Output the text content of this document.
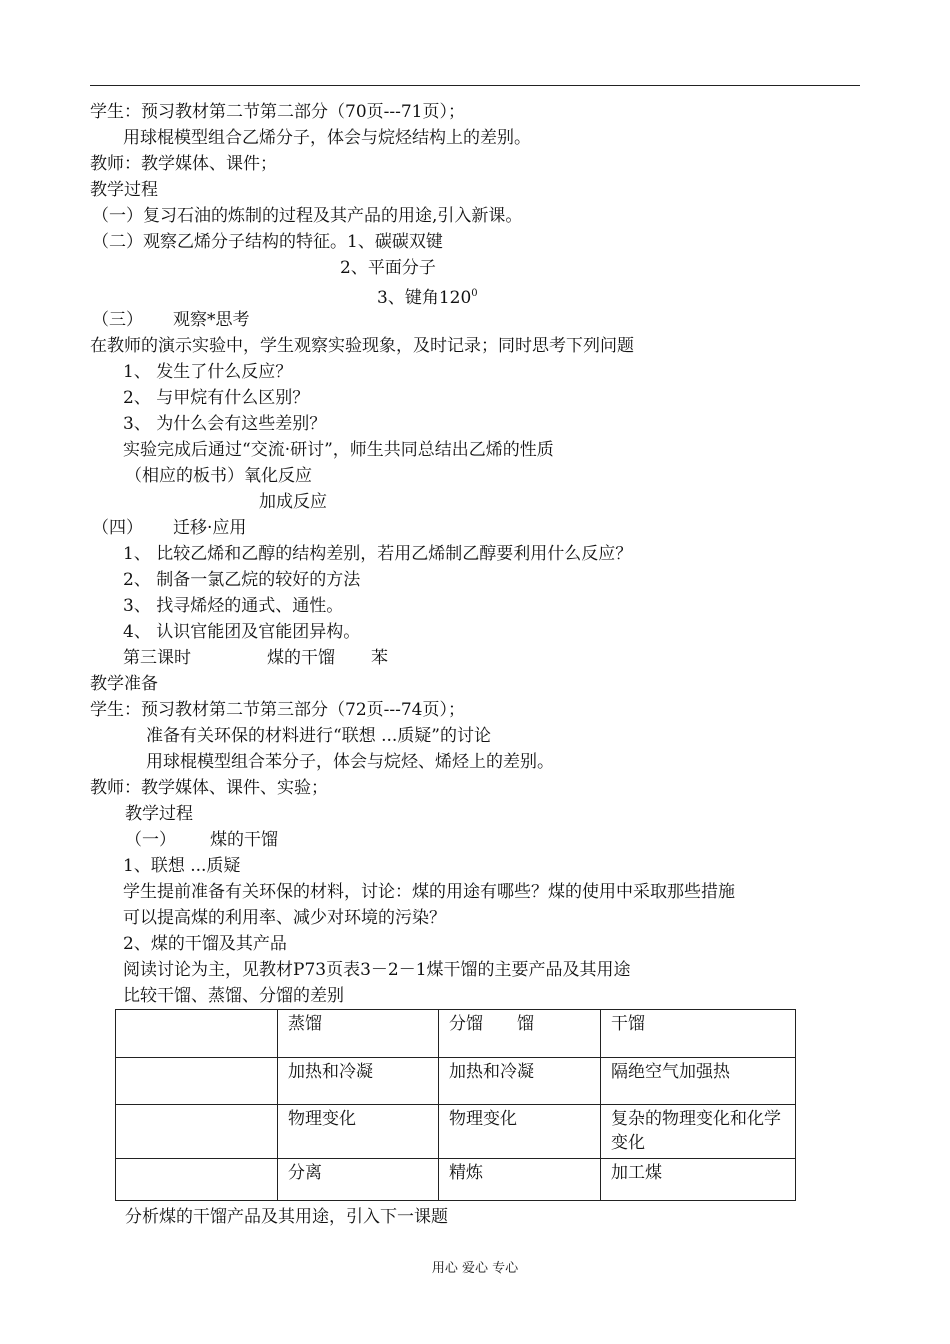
学生：预习教材第二节第二部分（70页---71页）；
用球棍模型组合乙烯分子，体会与烷烃结构上的差别。
教师：教学媒体、课件；
教学过程
（一）复习石油的炼制的过程及其产品的用途,引入新课。
（二）观察乙烯分子结构的特征。1、碳碳双键
2、平面分子
3、键角$120^0$
（三） 观察*思考
在教师的演示实验中，学生观察实验现象，及时记录；同时思考下列问题
1、 发生了什么反应？
2、 与甲烷有什么区别？
3、 为什么会有这些差别？
实验完成后通过“交流·研讨”，师生共同总结出乙烯的性质
（相应的板书）氧化反应
加成反应
（四） 迁移·应用
1、 比较乙烯和乙醇的结构差别，若用乙烯制乙醇要利用什么反应？
2、 制备一氯乙烷的较好的方法
3、 找寻烯烃的通式、通性。
4、 认识官能团及官能团异构。
第三课时	煤的干馏 苯
教学准备
学生：预习教材第二节第三部分（72页---74页）；
准备有关环保的材料进行“联想 ...质疑”的讨论
用球棍模型组合苯分子，体会与烷烃、烯烃上的差别。
教师：教学媒体、课件、实验；
教学过程
（一） 煤的干馏
1、联想 ...质疑
学生提前准备有关环保的材料，讨论：煤的用途有哪些？煤的使用中采取那些措施
可以提高煤的利用率、减少对环境的污染？
2、煤的干馏及其产品
阅读讨论为主，见教材P73页表3－2－1煤干馏的主要产品及其用途
比较干馏、蒸馏、分馏的差别
	蒸馏	分馏　　馏	干馏
	加热和冷凝	加热和冷凝	隔绝空气加强热
	物理变化	物理变化	复杂的物理变化和化学变化
	分离	精炼	加工煤
分析煤的干馏产品及其用途，引入下一课题
用心 爱心 专心
